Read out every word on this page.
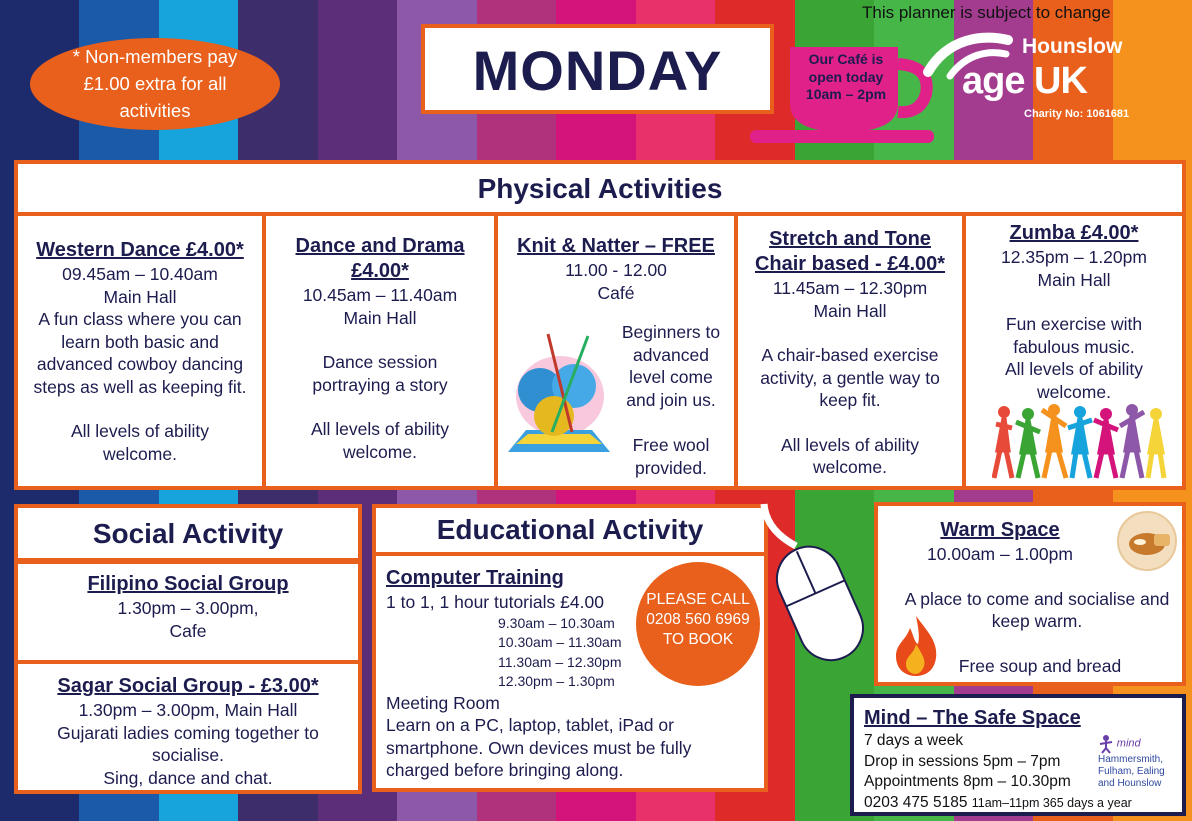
This planner is subject to change
* Non-members pay £1.00 extra for all activities
MONDAY	Our Café is open today 10am – 2pm
Hounslow
age UK
Charity No: 1061681
Physical Activities
Western Dance £4.00*
09.45am – 10.40am
Main Hall
A fun class where you can learn both basic and advanced cowboy dancing steps as well as keeping fit.
All levels of ability welcome.
Dance and Drama £4.00*
10.45am – 11.40am
Main Hall
Dance session portraying a story
All levels of ability welcome.
Knit & Natter – FREE
11.00 - 12.00
Café
Beginners to advanced level come and join us.
Free wool provided.
Stretch and Tone Chair based - £4.00*
11.45am – 12.30pm
Main Hall
A chair-based exercise activity, a gentle way to keep fit.
All levels of ability welcome.
Zumba £4.00*
12.35pm – 1.20pm
Main Hall
Fun exercise with fabulous music.
All levels of ability welcome.
Social Activity
Filipino Social Group
1.30pm – 3.00pm,
Cafe
Sagar Social Group - £3.00*
1.30pm – 3.00pm, Main Hall
Gujarati ladies coming together to socialise.
Sing, dance and chat.
Educational Activity
Computer Training
1 to 1, 1 hour tutorials £4.00
9.30am – 10.30am
10.30am – 11.30am
11.30am – 12.30pm
12.30pm – 1.30pm
Meeting Room
Learn on a PC, laptop, tablet, iPad or smartphone. Own devices must be fully charged before bringing along.
PLEASE CALL 0208 560 6969 TO BOOK
Warm Space
10.00am – 1.00pm
A place to come and socialise and keep warm.
Free soup and bread
Mind – The Safe Space
7 days a week
Drop in sessions 5pm – 7pm
Appointments 8pm – 10.30pm
0203 475 5185 11am–11pm 365 days a year
mind
Hammersmith, Fulham, Ealing and Hounslow
